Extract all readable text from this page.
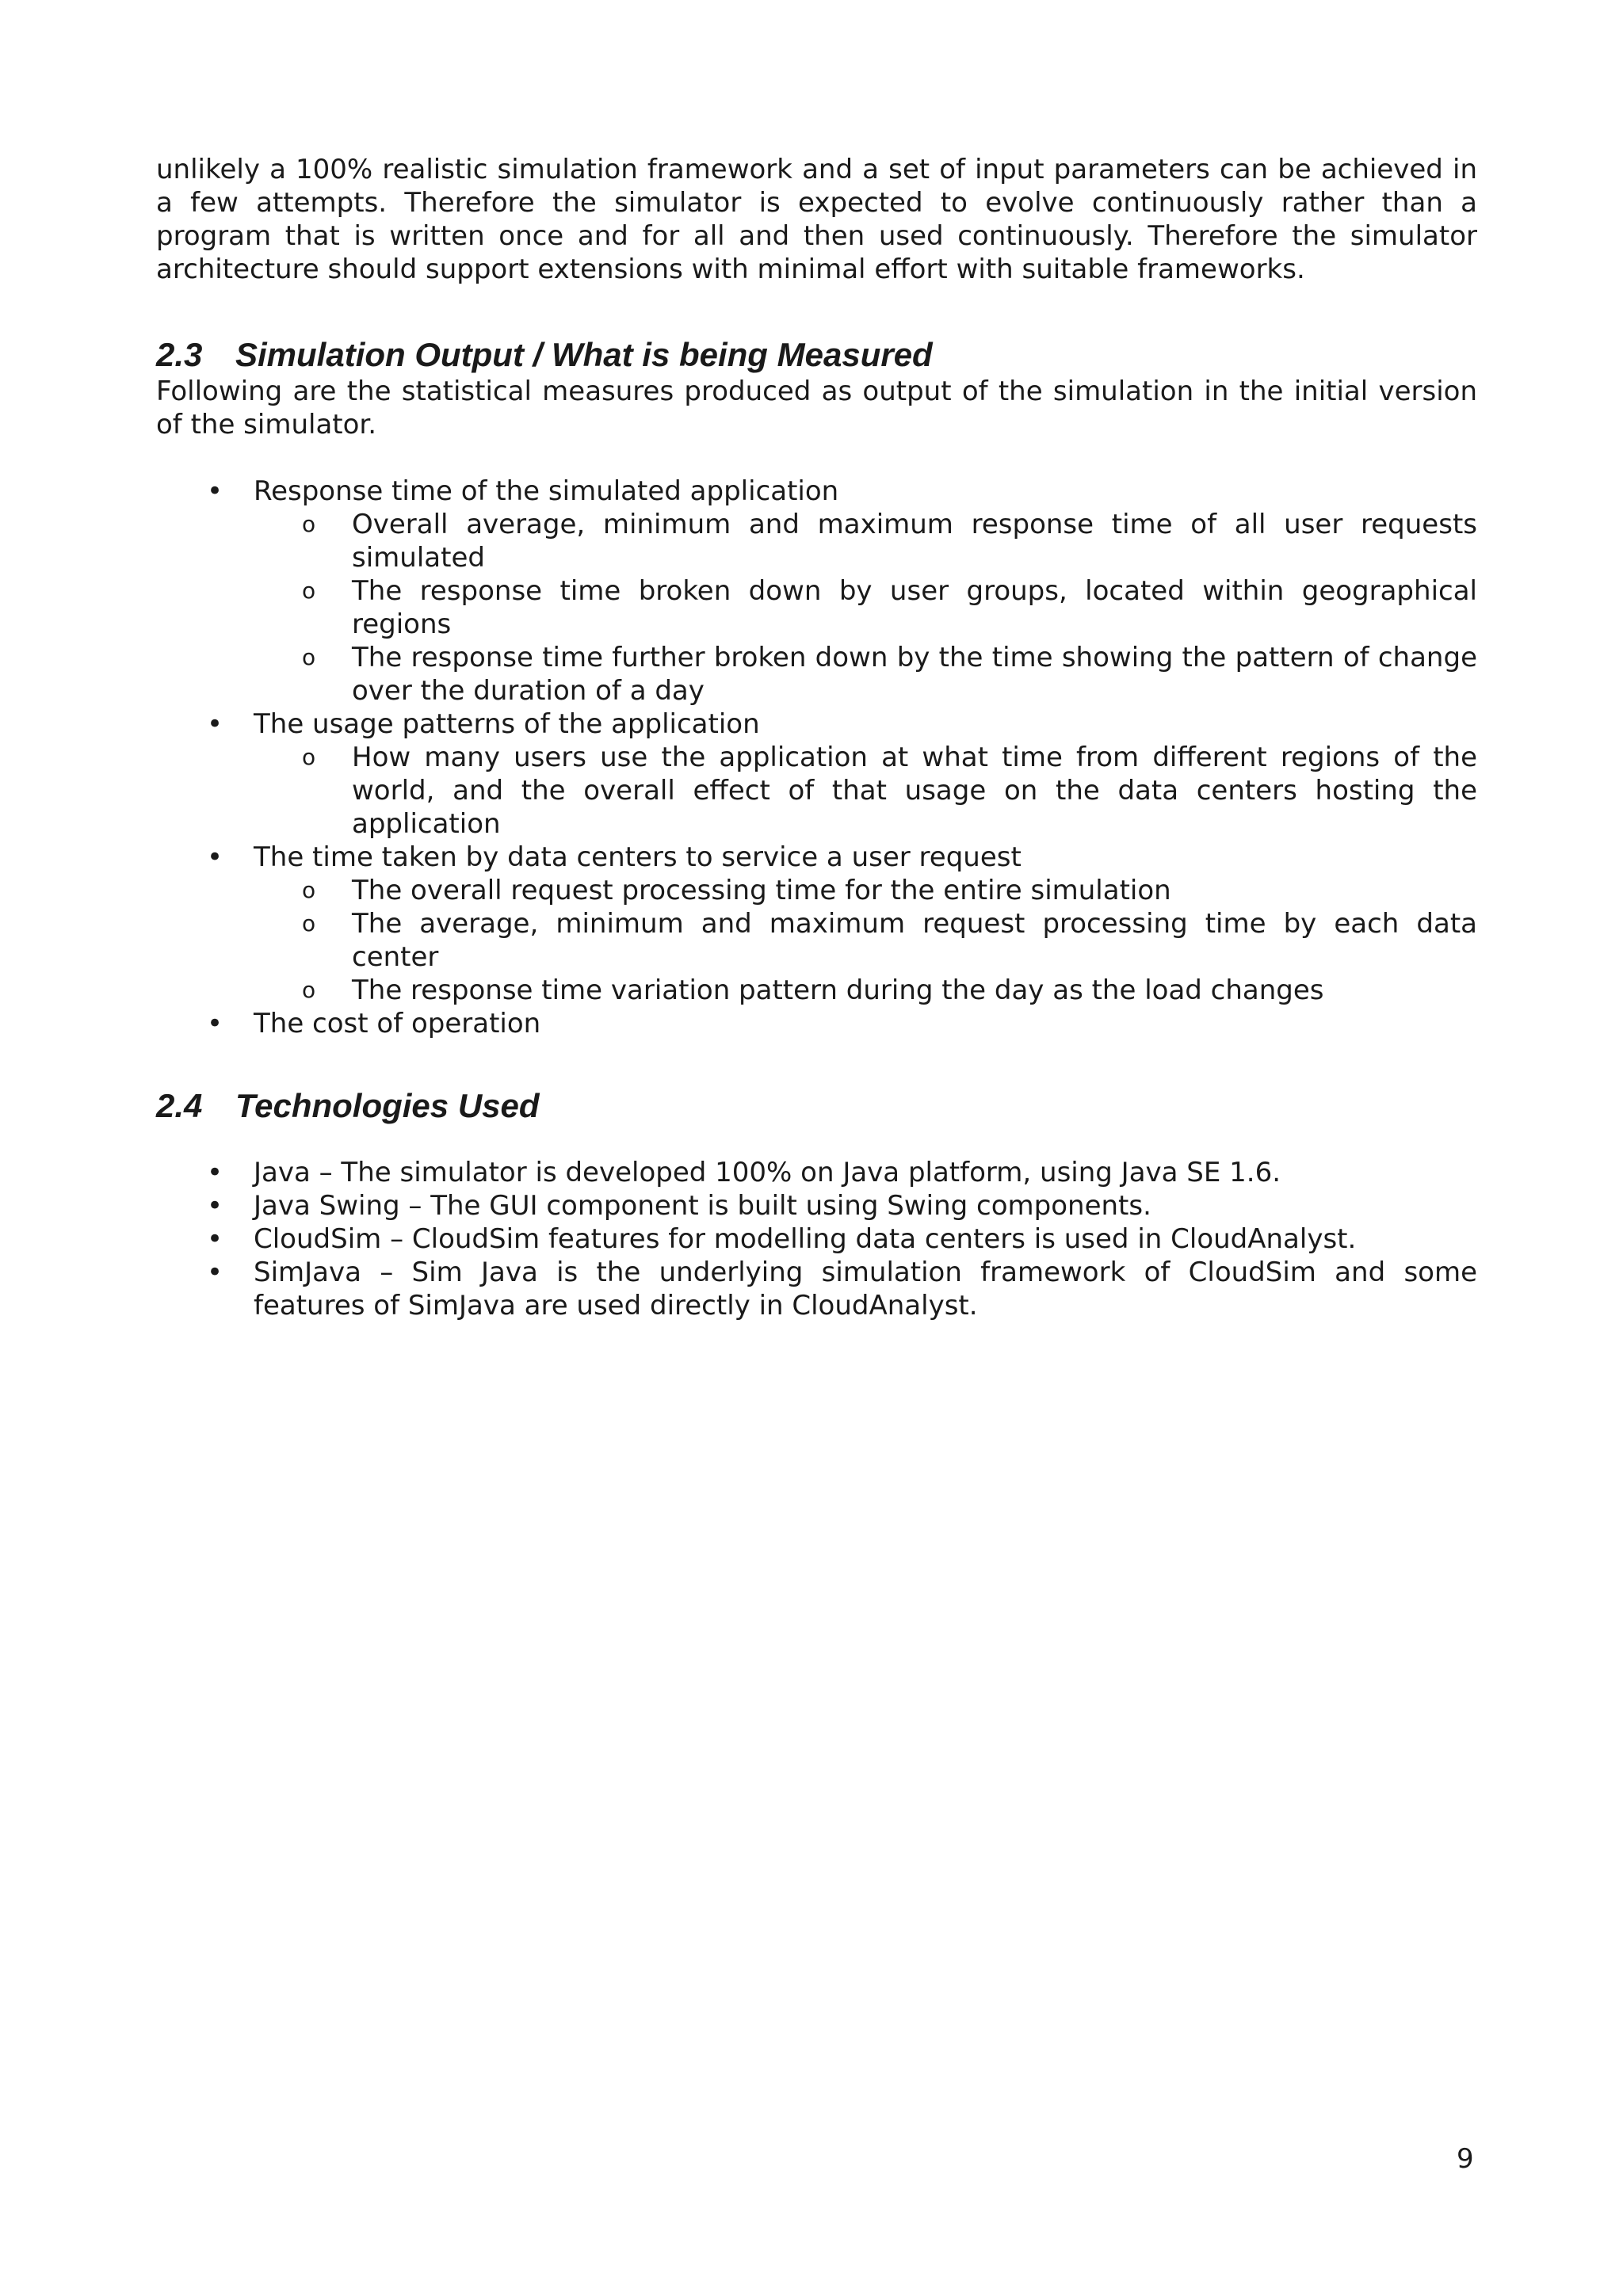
unlikely a 100% realistic simulation framework and a set of input parameters can be achieved in a few attempts. Therefore the simulator is expected to evolve continuously rather than a program that is written once and for all and then used continuously. Therefore the simulator architecture should support extensions with minimal effort with suitable frameworks.

2.3 Simulation Output / What is being Measured

Following are the statistical measures produced as output of the simulation in the initial version of the simulator.

• Response time of the simulated application
o Overall average, minimum and maximum response time of all user requests simulated
o The response time broken down by user groups, located within geographical regions
o The response time further broken down by the time showing the pattern of change over the duration of a day
• The usage patterns of the application
o How many users use the application at what time from different regions of the world, and the overall effect of that usage on the data centers hosting the application
• The time taken by data centers to service a user request
o The overall request processing time for the entire simulation
o The average, minimum and maximum request processing time by each data center
o The response time variation pattern during the day as the load changes
• The cost of operation
2.4 Technologies Used
• Java – The simulator is developed 100% on Java platform, using Java SE 1.6.
• Java Swing – The GUI component is built using Swing components.
• CloudSim – CloudSim features for modelling data centers is used in CloudAnalyst.
• SimJava – Sim Java is the underlying simulation framework of CloudSim and some features of SimJava are used directly in CloudAnalyst.
9
